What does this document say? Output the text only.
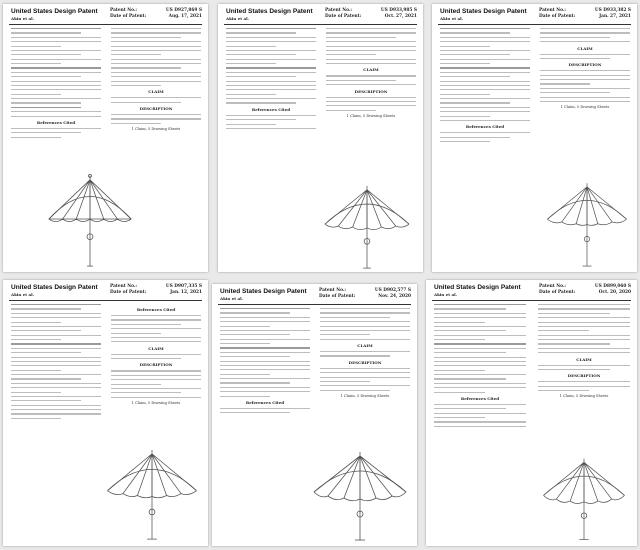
United States Design Patent
Akin et al.
Patent No.:	US D927,869 S
Date of Patent:	Aug. 17, 2021
References Cited
CLAIM
DESCRIPTION
1 Claim, 5 Drawing Sheets
United States Design Patent
Akin et al.
Patent No.:	US D933,985 S
Date of Patent:	Oct. 27, 2021
References Cited
CLAIM
DESCRIPTION
1 Claim, 5 Drawing Sheets
United States Design Patent
Akin et al.
Patent No.:	US D933,382 S
Date of Patent:	Jan. 27, 2021
References Cited
CLAIM
DESCRIPTION
1 Claim, 5 Drawing Sheets
United States Design Patent
Akin et al.
Patent No.:	US D907,335 S
Date of Patent:	Jan. 12, 2021
References Cited
CLAIM
DESCRIPTION
1 Claim, 5 Drawing Sheets
United States Design Patent
Akin et al.
Patent No.:	US D902,577 S
Date of Patent:	Nov. 24, 2020
References Cited
CLAIM
DESCRIPTION
1 Claim, 5 Drawing Sheets
United States Design Patent
Akin et al.
Patent No.:	US D899,060 S
Date of Patent:	Oct. 20, 2020
References Cited
CLAIM
DESCRIPTION
1 Claim, 5 Drawing Sheets
